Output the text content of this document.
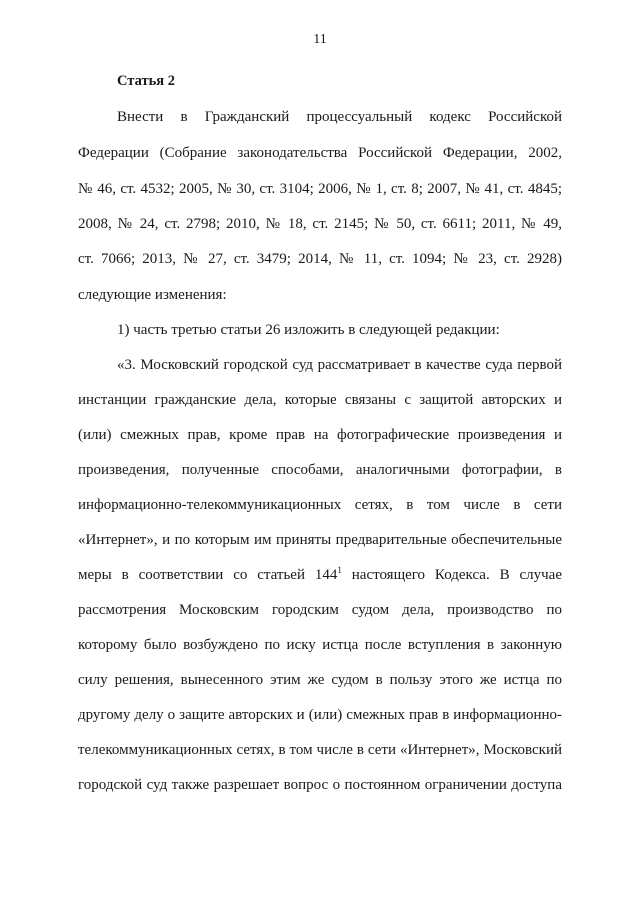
11
Статья 2
Внести в Гражданский процессуальный кодекс Российской
Федерации (Собрание законодательства Российской Федерации, 2002,
№ 46, ст. 4532; 2005, № 30, ст. 3104; 2006, № 1, ст. 8; 2007, № 41, ст. 4845;
2008, № 24, ст. 2798; 2010, № 18, ст. 2145; № 50, ст. 6611; 2011, № 49,
ст. 7066; 2013, № 27, ст. 3479; 2014, № 11, ст. 1094; № 23, ст. 2928)
следующие изменения:
1) часть третью статьи 26 изложить в следующей редакции:
«3. Московский городской суд рассматривает в качестве суда первой
инстанции гражданские дела, которые связаны с защитой авторских и
(или) смежных прав, кроме прав на фотографические произведения и
произведения, полученные способами, аналогичными фотографии, в
информационно-телекоммуникационных сетях, в том числе в сети
«Интернет», и по которым им приняты предварительные обеспечительные
меры в соответствии со статьей $144^1$ настоящего Кодекса. В случае
рассмотрения Московским городским судом дела, производство по
которому было возбуждено по иску истца после вступления в законную
силу решения, вынесенного этим же судом в пользу этого же истца по
другому делу о защите авторских и (или) смежных прав в информационно-
телекоммуникационных сетях, в том числе в сети «Интернет», Московский
городской суд также разрешает вопрос о постоянном ограничении доступа
